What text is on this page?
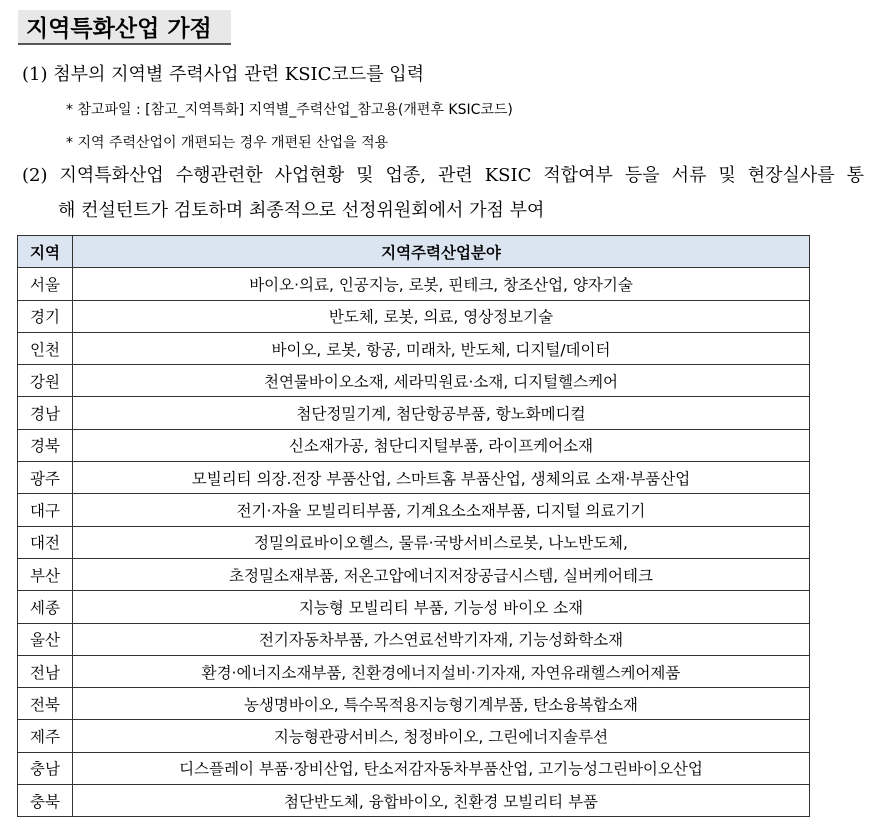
지역특화산업 가점
(1) 첨부의 지역별 주력사업 관련 KSIC코드를 입력
* 참고파일 : [참고_지역특화] 지역별_주력산업_참고용(개편후 KSIC코드)
* 지역 주력산업이 개편되는 경우 개편된 산업을 적용
(2) 지역특화산업 수행관련한 사업현황 및 업종, 관련 KSIC 적합여부 등을 서류 및 현장실사를 통
해 컨설턴트가 검토하며 최종적으로 선정위원회에서 가점 부여
지역	지역주력산업분야
서울	바이오·의료, 인공지능, 로봇, 핀테크, 창조산업, 양자기술
경기	반도체, 로봇, 의료, 영상정보기술
인천	바이오, 로봇, 항공, 미래차, 반도체, 디지털/데이터
강원	천연물바이오소재, 세라믹원료·소재, 디지털헬스케어
경남	첨단정밀기계, 첨단항공부품, 항노화메디컬
경북	신소재가공, 첨단디지털부품, 라이프케어소재
광주	모빌리티 의장.전장 부품산업, 스마트홈 부품산업, 생체의료 소재·부품산업
대구	전기·자율 모빌리티부품, 기계요소소재부품, 디지털 의료기기
대전	정밀의료바이오헬스, 물류·국방서비스로봇, 나노반도체,
부산	초정밀소재부품, 저온고압에너지저장공급시스템, 실버케어테크
세종	지능형 모빌리티 부품, 기능성 바이오 소재
울산	전기자동차부품, 가스연료선박기자재, 기능성화학소재
전남	환경·에너지소재부품, 친환경에너지설비·기자재, 자연유래헬스케어제품
전북	농생명바이오, 특수목적용지능형기계부품, 탄소융복합소재
제주	지능형관광서비스, 청정바이오, 그린에너지솔루션
충남	디스플레이 부품·장비산업, 탄소저감자동차부품산업, 고기능성그린바이오산업
충북	첨단반도체, 융합바이오, 친환경 모빌리티 부품
